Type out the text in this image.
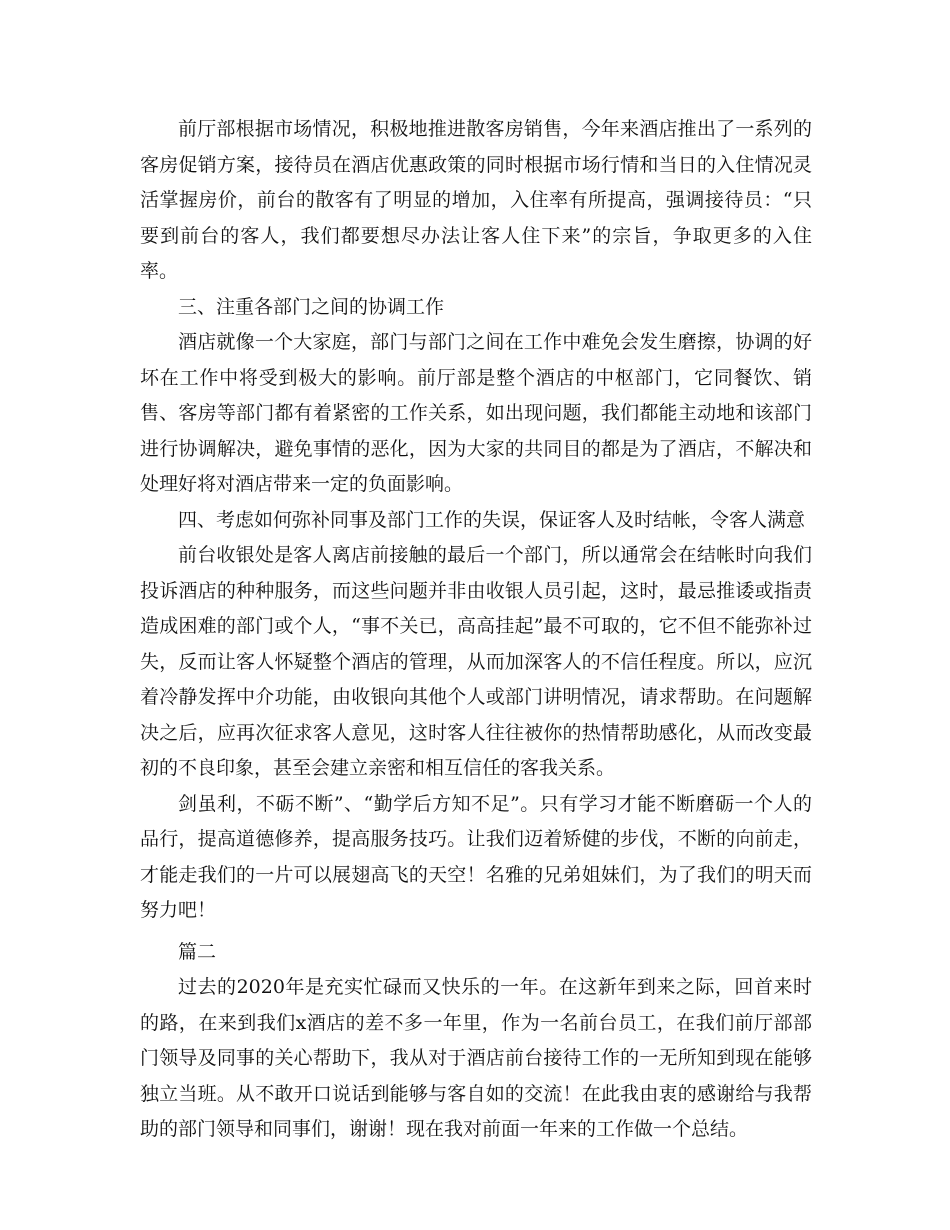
前厅部根据市场情况，积极地推进散客房销售，今年来酒店推出了一系列的客房促销方案，接待员在酒店优惠政策的同时根据市场行情和当日的入住情况灵活掌握房价，前台的散客有了明显的增加，入住率有所提高，强调接待员：“只要到前台的客人，我们都要想尽办法让客人住下来”的宗旨，争取更多的入住率。

三、注重各部门之间的协调工作

酒店就像一个大家庭，部门与部门之间在工作中难免会发生磨擦，协调的好坏在工作中将受到极大的影响。前厅部是整个酒店的中枢部门，它同餐饮、销售、客房等部门都有着紧密的工作关系，如出现问题，我们都能主动地和该部门进行协调解决，避免事情的恶化，因为大家的共同目的都是为了酒店，不解决和处理好将对酒店带来一定的负面影响。

四、考虑如何弥补同事及部门工作的失误，保证客人及时结帐，令客人满意

前台收银处是客人离店前接触的最后一个部门，所以通常会在结帐时向我们投诉酒店的种种服务，而这些问题并非由收银人员引起，这时，最忌推诿或指责造成困难的部门或个人，“事不关已，高高挂起”最不可取的，它不但不能弥补过失，反而让客人怀疑整个酒店的管理，从而加深客人的不信任程度。所以，应沉着冷静发挥中介功能，由收银向其他个人或部门讲明情况，请求帮助。在问题解决之后，应再次征求客人意见，这时客人往往被你的热情帮助感化，从而改变最初的不良印象，甚至会建立亲密和相互信任的客我关系。

剑虽利，不砺不断”、“勤学后方知不足”。只有学习才能不断磨砺一个人的品行，提高道德修养，提高服务技巧。让我们迈着矫健的步伐，不断的向前走，才能走我们的一片可以展翅高飞的天空！名雅的兄弟姐妹们，为了我们的明天而努力吧！

篇二

过去的2020年是充实忙碌而又快乐的一年。在这新年到来之际，回首来时的路，在来到我们x酒店的差不多一年里，作为一名前台员工，在我们前厅部部门领导及同事的关心帮助下，我从对于酒店前台接待工作的一无所知到现在能够独立当班。从不敢开口说话到能够与客自如的交流！在此我由衷的感谢给与我帮助的部门领导和同事们，谢谢！现在我对前面一年来的工作做一个总结。
